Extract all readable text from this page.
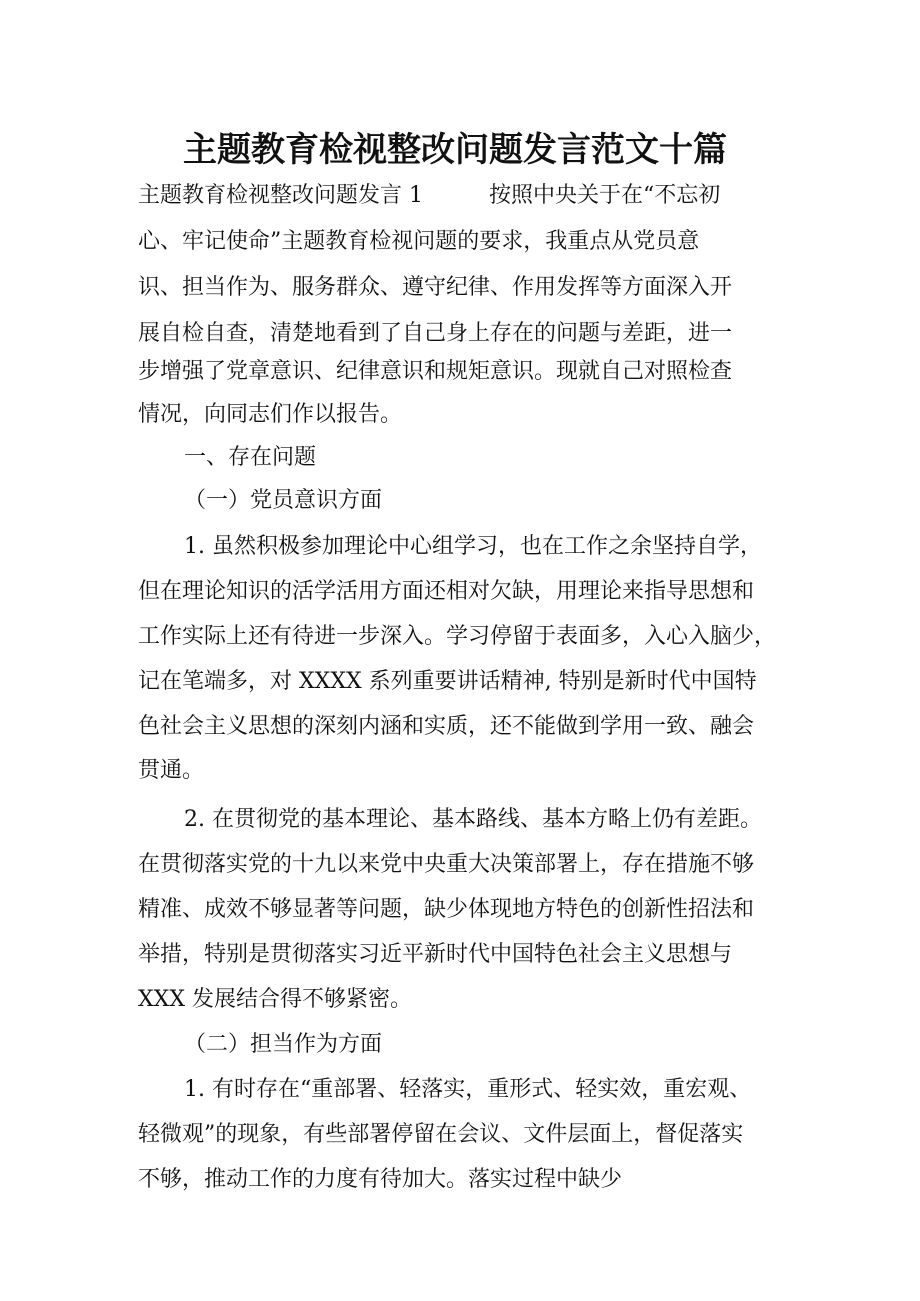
主题教育检视整改问题发言范文十篇
主题教育检视整改问题发言 1　　　按照中央关于在“不忘初
心、牢记使命”主题教育检视问题的要求，我重点从党员意
识、担当作为、服务群众、遵守纪律、作用发挥等方面深入开
展自检自查，清楚地看到了自己身上存在的问题与差距，进一
步增强了党章意识、纪律意识和规矩意识。现就自己对照检查
情况，向同志们作以报告。
一、存在问题
（一）党员意识方面
1. 虽然积极参加理论中心组学习，也在工作之余坚持自学，
但在理论知识的活学活用方面还相对欠缺，用理论来指导思想和
工作实际上还有待进一步深入。学习停留于表面多，入心入脑少，
记在笔端多，对 XXXX 系列重要讲话精神, 特别是新时代中国特
色社会主义思想的深刻内涵和实质，还不能做到学用一致、融会
贯通。
2. 在贯彻党的基本理论、基本路线、基本方略上仍有差距。
在贯彻落实党的十九以来党中央重大决策部署上，存在措施不够
精准、成效不够显著等问题，缺少体现地方特色的创新性招法和
举措，特别是贯彻落实习近平新时代中国特色社会主义思想与
XXX 发展结合得不够紧密。
（二）担当作为方面
1. 有时存在“重部署、轻落实，重形式、轻实效，重宏观、
轻微观”的现象，有些部署停留在会议、文件层面上，督促落实
不够，推动工作的力度有待加大。落实过程中缺少
